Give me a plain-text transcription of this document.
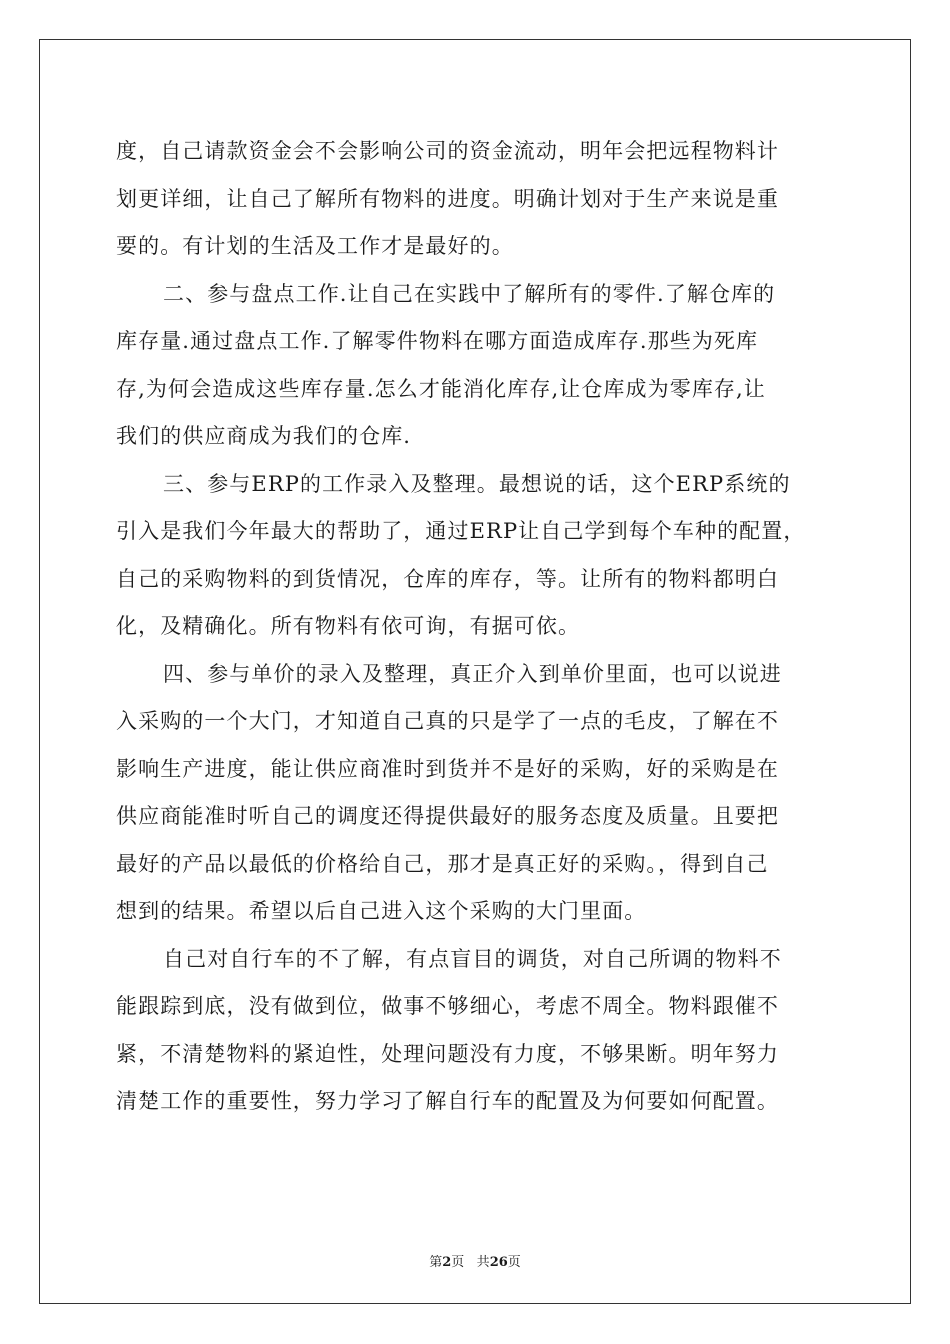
度，自己请款资金会不会影响公司的资金流动，明年会把远程物料计
划更详细，让自己了解所有物料的进度。明确计划对于生产来说是重
要的。有计划的生活及工作才是最好的。

二、参与盘点工作.让自己在实践中了解所有的零件.了解仓库的
库存量.通过盘点工作.了解零件物料在哪方面造成库存.那些为死库
存,为何会造成这些库存量.怎么才能消化库存,让仓库成为零库存,让
我们的供应商成为我们的仓库.

三、参与ERP的工作录入及整理。最想说的话，这个ERP系统的
引入是我们今年最大的帮助了，通过ERP让自己学到每个车种的配置，
自己的采购物料的到货情况，仓库的库存，等。让所有的物料都明白
化，及精确化。所有物料有依可询，有据可依。

四、参与单价的录入及整理，真正介入到单价里面，也可以说进
入采购的一个大门，才知道自己真的只是学了一点的毛皮，了解在不
影响生产进度，能让供应商准时到货并不是好的采购，好的采购是在
供应商能准时听自己的调度还得提供最好的服务态度及质量。且要把
最好的产品以最低的价格给自己，那才是真正好的采购。，得到自己
想到的结果。希望以后自己进入这个采购的大门里面。

自己对自行车的不了解，有点盲目的调货，对自己所调的物料不
能跟踪到底，没有做到位，做事不够细心，考虑不周全。物料跟催不
紧，不清楚物料的紧迫性，处理问题没有力度，不够果断。明年努力
清楚工作的重要性，努力学习了解自行车的配置及为何要如何配置。

第2页 共26页
